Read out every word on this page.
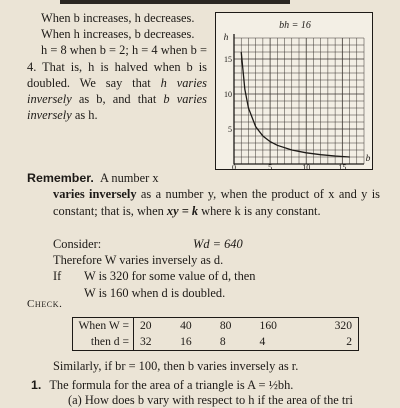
When b increases, h decreases.

When h increases, b decreases.

h = 8 when b = 2; h = 4 when b = 4. That is, h is halved when b is doubled. We say that h varies inversely as b, and that b varies inversely as h.

bh = 16
h
b
0	5	10	15
5
10
15

Remember. A number x

varies inversely as a number y, when the product of x and y is constant; that is, when xy = k where k is any constant.

Consider:	Wd = 640
Therefore W varies inversely as d.
If W is 320 for some value of d, then
W is 160 when d is doubled.
Check.
When W =	20	40	80	160	320
then d =	32	16	8	4	2
Similarly, if br = 100, then b varies inversely as r.
1. The formula for the area of a triangle is A = ½bh.
(a) How does b vary with respect to h if the area of the tri
